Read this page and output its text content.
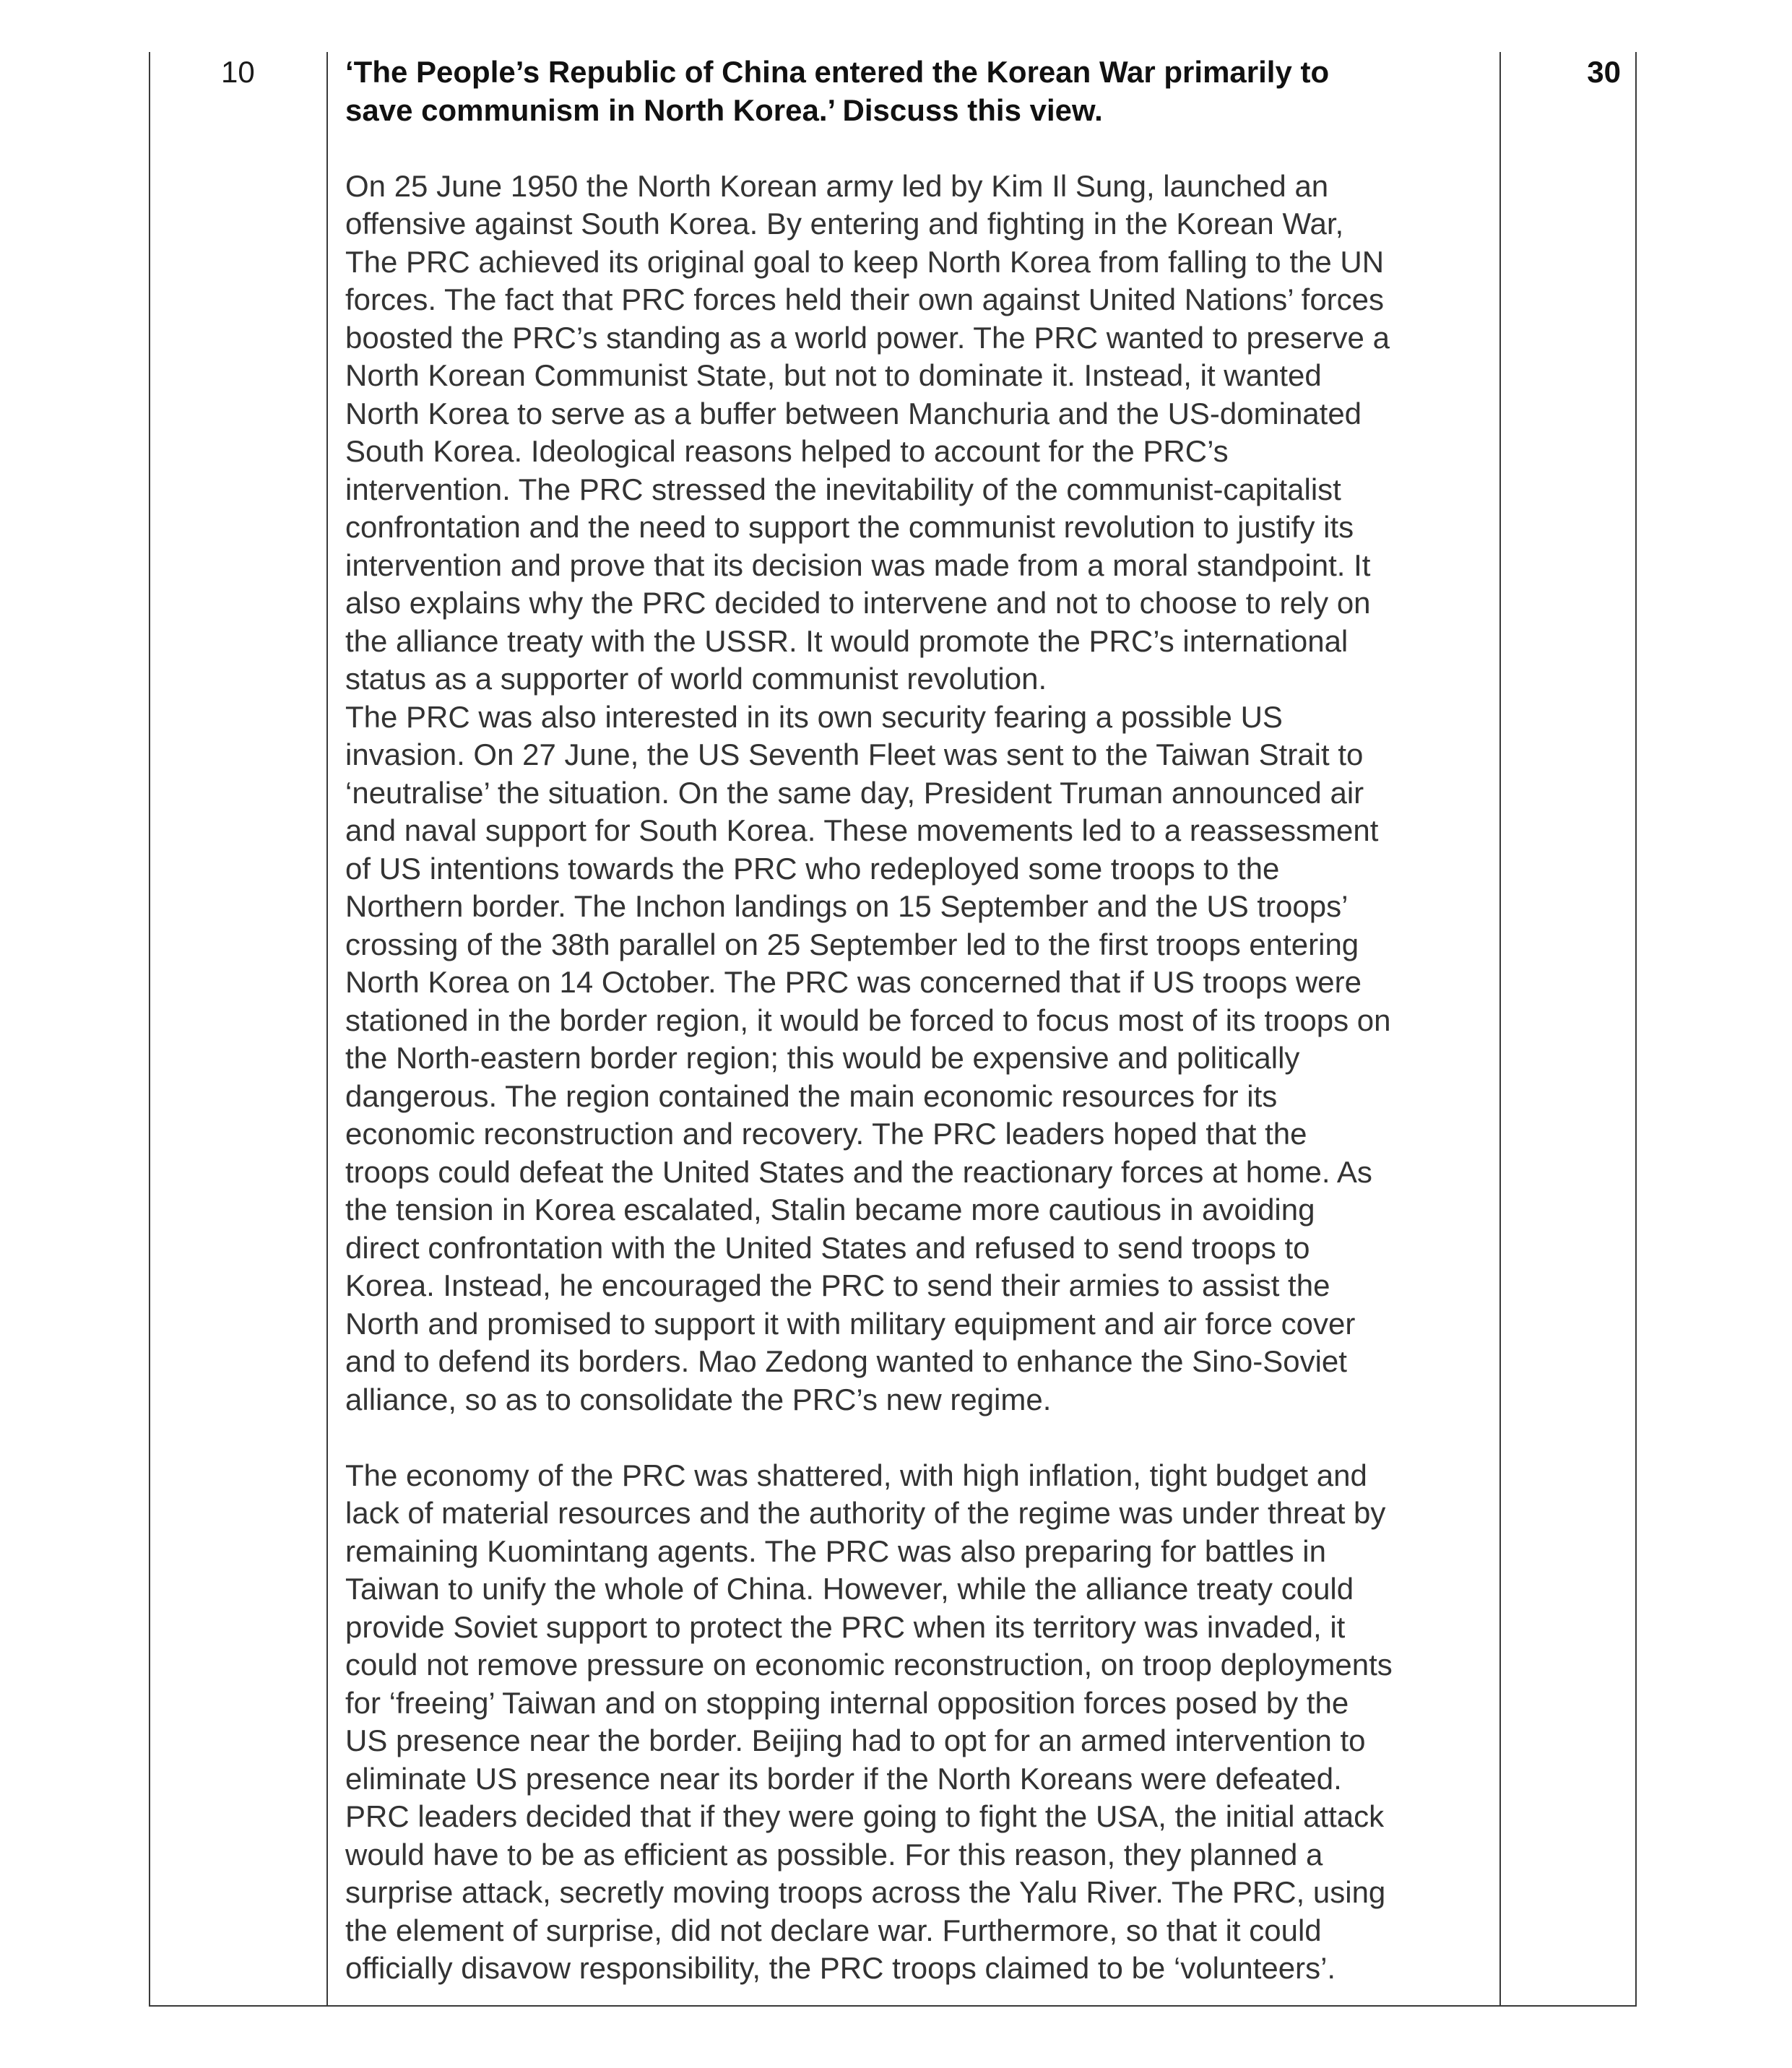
10	‘The People’s Republic of China entered the Korean War primarily to
save communism in North Korea.’ Discuss this view.
On 25 June 1950 the North Korean army led by Kim Il Sung, launched an
offensive against South Korea. By entering and fighting in the Korean War,
The PRC achieved its original goal to keep North Korea from falling to the UN
forces. The fact that PRC forces held their own against United Nations’ forces
boosted the PRC’s standing as a world power. The PRC wanted to preserve a
North Korean Communist State, but not to dominate it. Instead, it wanted
North Korea to serve as a buffer between Manchuria and the US-dominated
South Korea. Ideological reasons helped to account for the PRC’s
intervention. The PRC stressed the inevitability of the communist-capitalist
confrontation and the need to support the communist revolution to justify its
intervention and prove that its decision was made from a moral standpoint. It
also explains why the PRC decided to intervene and not to choose to rely on
the alliance treaty with the USSR. It would promote the PRC’s international
status as a supporter of world communist revolution.
The PRC was also interested in its own security fearing a possible US
invasion. On 27 June, the US Seventh Fleet was sent to the Taiwan Strait to
‘neutralise’ the situation. On the same day, President Truman announced air
and naval support for South Korea. These movements led to a reassessment
of US intentions towards the PRC who redeployed some troops to the
Northern border. The Inchon landings on 15 September and the US troops’
crossing of the 38th parallel on 25 September led to the first troops entering
North Korea on 14 October. The PRC was concerned that if US troops were
stationed in the border region, it would be forced to focus most of its troops on
the North-eastern border region; this would be expensive and politically
dangerous. The region contained the main economic resources for its
economic reconstruction and recovery. The PRC leaders hoped that the
troops could defeat the United States and the reactionary forces at home. As
the tension in Korea escalated, Stalin became more cautious in avoiding
direct confrontation with the United States and refused to send troops to
Korea. Instead, he encouraged the PRC to send their armies to assist the
North and promised to support it with military equipment and air force cover
and to defend its borders. Mao Zedong wanted to enhance the Sino-Soviet
alliance, so as to consolidate the PRC’s new regime.
The economy of the PRC was shattered, with high inflation, tight budget and
lack of material resources and the authority of the regime was under threat by
remaining Kuomintang agents. The PRC was also preparing for battles in
Taiwan to unify the whole of China. However, while the alliance treaty could
provide Soviet support to protect the PRC when its territory was invaded, it
could not remove pressure on economic reconstruction, on troop deployments
for ‘freeing’ Taiwan and on stopping internal opposition forces posed by the
US presence near the border. Beijing had to opt for an armed intervention to
eliminate US presence near its border if the North Koreans were defeated.
PRC leaders decided that if they were going to fight the USA, the initial attack
would have to be as efficient as possible. For this reason, they planned a
surprise attack, secretly moving troops across the Yalu River. The PRC, using
the element of surprise, did not declare war. Furthermore, so that it could
officially disavow responsibility, the PRC troops claimed to be ‘volunteers’.
30
